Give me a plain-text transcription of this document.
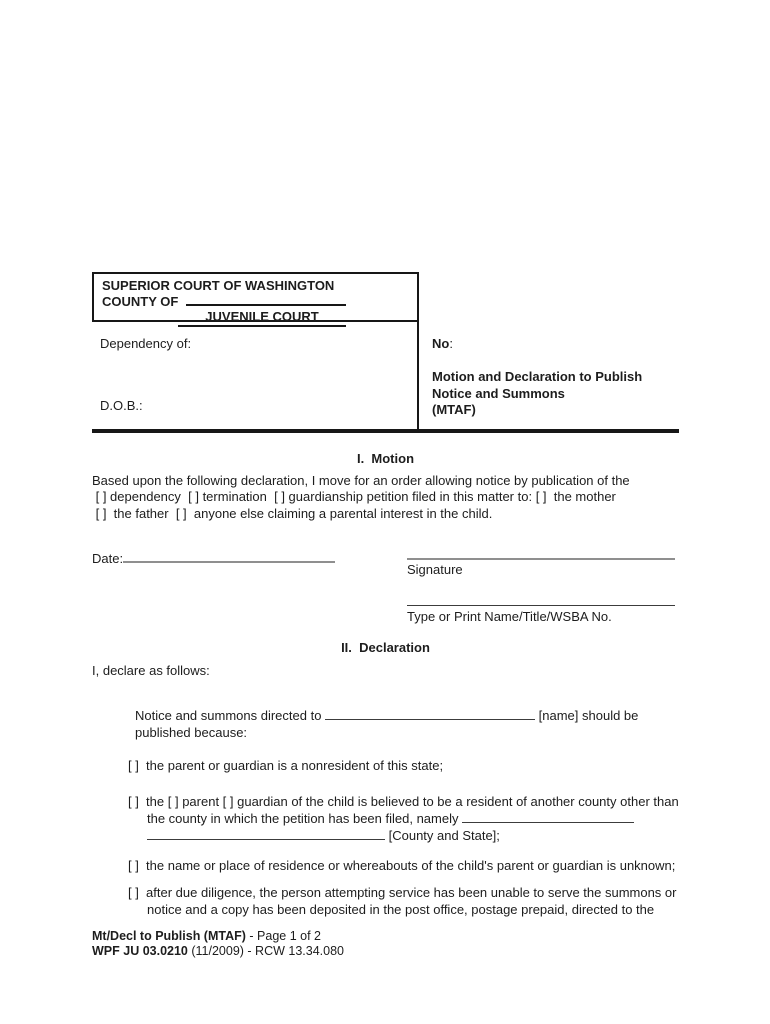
SUPERIOR COURT OF WASHINGTON
COUNTY OF
JUVENILE COURT
Dependency of:
D.O.B.:
No:
Motion and Declaration to Publish
Notice and Summons
(MTAF)
I.  Motion
Based upon the following declaration, I move for an order allowing notice by publication of the
[ ] dependency  [ ] termination  [ ] guardianship petition filed in this matter to: [ ]  the mother
[ ]  the father  [ ]  anyone else claiming a parental interest in the child.
Date:
Signature
Type or Print Name/Title/WSBA No.
II.  Declaration
I, declare as follows:
Notice and summons directed to	[name] should be
published because:
[ ]  the parent or guardian is a nonresident of this state;
[ ]  the [ ] parent [ ] guardian of the child is believed to be a resident of another county other than
the county in which the petition has been filed, namely
[County and State];
[ ]  the name or place of residence or whereabouts of the child's parent or guardian is unknown;
[ ]  after due diligence, the person attempting service has been unable to serve the summons or
notice and a copy has been deposited in the post office, postage prepaid, directed to the
Mt/Decl to Publish (MTAF) - Page 1 of 2
WPF JU 03.0210 (11/2009) - RCW 13.34.080
